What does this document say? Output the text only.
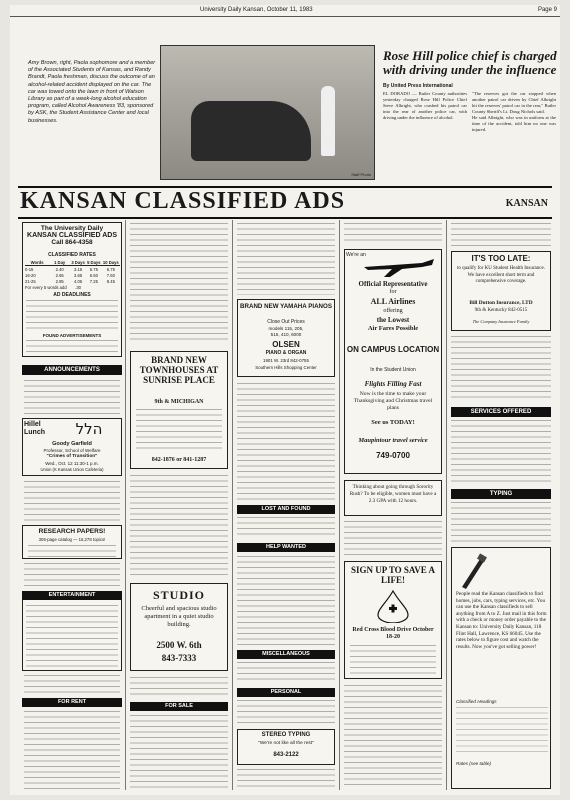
University Daily Kansan, October 11, 1983	Page 9
Amy Brown, right, Paola sophomore and a member of the Associated Students of Kansas, and Randy Brandt, Paola freshman, discuss the outcome of an alcohol-related accident displayed on the car. The car was towed onto the lawn in front of Watson Library as part of a week-long alcohol education program, called Alcohol Awareness '83, sponsored by ASK, the Student Assistance Center and local businesses.
Staff Photo
Rose Hill police chief is charged with driving under the influence
By United Press International
EL DORADO — Butler County authorities yesterday charged Rose Hill Police Chief Steve Albright, who crashed his patrol car into the rear of another police car, with driving under the influence of alcohol.
"The reserves got the car stopped when another patrol car driven by Chief Albright hit the reserves' patrol car in the rear," Butler County Sheriff's Lt. Doug Nichols said.
He said Albright, who was in uniform at the time of the accident, told him no one was injured.
KANSAN CLASSIFIED ADS	KANSAN
The University Daily
KANSAN CLASSIFIED ADS
Call 864-4358
CLASSIFIED RATES
Words	1 Day	3 Days	5 Days	10 Days
0-15	2.40	3.15	5.75	6.75
16-20	2.65	3.65	6.50	7.60
21-25	2.95	4.05	7.25	8.45
For every 5 words add		.30		
AD DEADLINES
FOUND ADVERTISEMENTS
ANNOUNCEMENTS
Hillel Lunch	הלל
Goody Garfield
Professor, School of Welfare
"Crimes of Transition"
Wed., Oct. 12 11:30-1 p.m.
Union (K Kansas Union Cafeteria)
RESEARCH PAPERS!
306-page catalog — 15,278 topics!
ENTERTAINMENT
FOR RENT
BRAND NEW TOWNHOUSES AT SUNRISE PLACE
9th & MICHIGAN
842-1876 or 841-1287
STUDIO
Cheerful and spacious studio apartment in a quiet studio building.
2500 W. 6th
843-7333
FOR SALE
BRAND NEW YAMAHA PIANOS
Close Out Prices
models 115, 205,
515, 410, 6000
OLSEN
PIANO & ORGAN
1901 W. 23rd 842-0755
Southern Hills Shopping Center
LOST AND FOUND
HELP WANTED
MISCELLANEOUS
PERSONAL
STEREO TYPING
"We're not like all the rest"
843-2122
We're an
Official Representative
for
ALL Airlines
offering
the Lowest
Air Fares Possible
ON CAMPUS LOCATION
In the Student Union
Flights Filling Fast
Now is the time to make your Thanksgiving and Christmas travel plans
See us TODAY!
Maupintour travel service
749-0700
Thinking about going through Sorority Rush? To be eligible, women must have a 2.3 GPA with 12 hours.
SIGN UP TO SAVE A LIFE!
Red Cross Blood Drive October 18-20
IT'S TOO LATE:
to qualify for KU Student Health Insurance. We have excellent short term and comprehensive coverage.
Bill Dutton Insurance, LTD
9th & Kentucky 842-0515
The Company Insurance Family
SERVICES OFFERED
TYPING
People read the Kansan classifieds to find homes, jobs, cars, typing services, etc. You can use the Kansan classifieds to sell anything from A to Z. Just mail in this form with a check or money order payable to the Kansan to: University Daily Kansan, 118 Flint Hall, Lawrence, KS 66045. Use the rates below to figure cost and watch the results. Now you've got selling power!
Classified Headings
Rates (see table)
